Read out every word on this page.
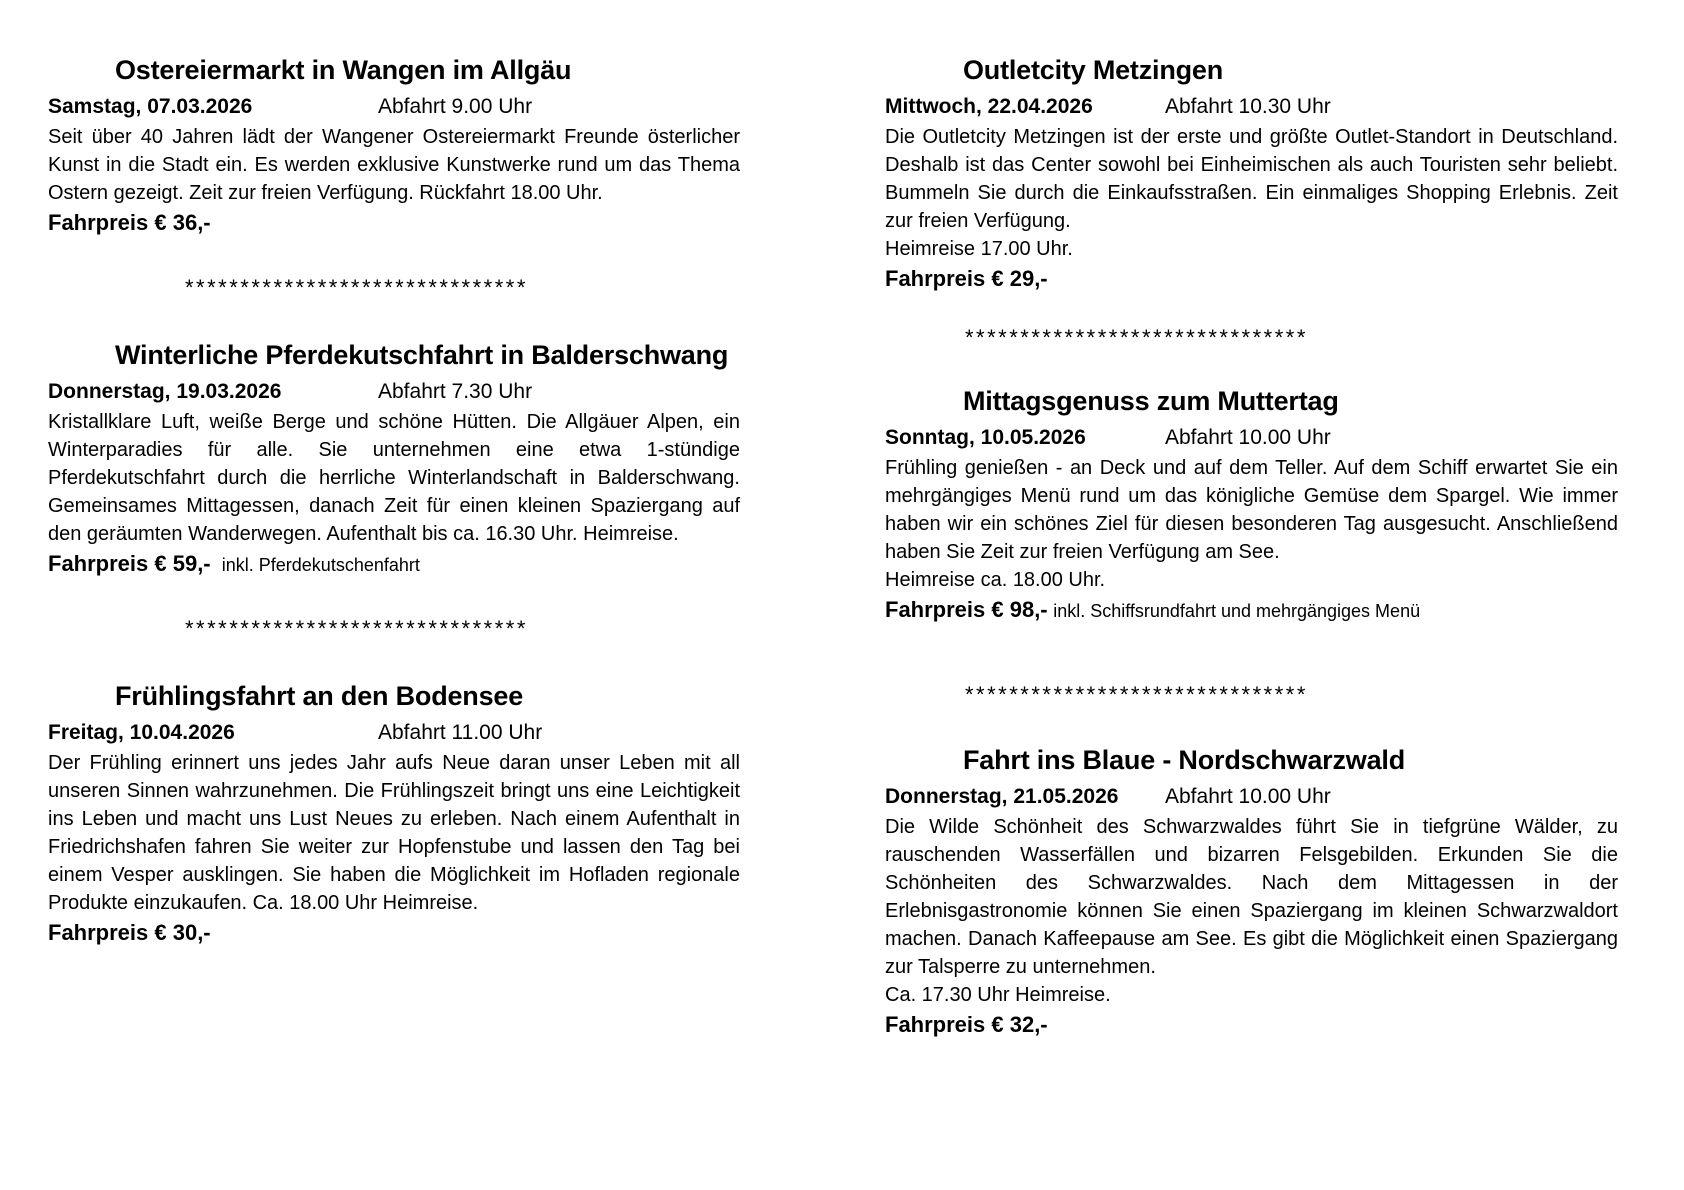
Ostereiermarkt in Wangen im Allgäu
Samstag, 07.03.2026	Abfahrt 9.00 Uhr

Seit über 40 Jahren lädt der Wangener Ostereiermarkt Freunde österlicher Kunst in die Stadt ein. Es werden exklusive Kunstwerke rund um das Thema Ostern gezeigt. Zeit zur freien Verfügung. Rückfahrt 18.00 Uhr.

Fahrpreis € 36,-

*******************************
Winterliche Pferdekutschfahrt in Balderschwang
Donnerstag, 19.03.2026	Abfahrt 7.30 Uhr

Kristallklare Luft, weiße Berge und schöne Hütten. Die Allgäuer Alpen, ein Winterparadies für alle. Sie unternehmen eine etwa 1-stündige Pferdekutschfahrt durch die herrliche Winterlandschaft in Balderschwang. Gemeinsames Mittagessen, danach Zeit für einen kleinen Spaziergang auf den geräumten Wanderwegen. Aufenthalt bis ca. 16.30 Uhr. Heimreise.

Fahrpreis € 59,- inkl. Pferdekutschenfahrt

*******************************
Frühlingsfahrt an den Bodensee
Freitag, 10.04.2026	Abfahrt 11.00 Uhr

Der Frühling erinnert uns jedes Jahr aufs Neue daran unser Leben mit all unseren Sinnen wahrzunehmen. Die Frühlingszeit bringt uns eine Leichtigkeit ins Leben und macht uns Lust Neues zu erleben. Nach einem Aufenthalt in Friedrichshafen fahren Sie weiter zur Hopfenstube und lassen den Tag bei einem Vesper ausklingen. Sie haben die Möglichkeit im Hofladen regionale Produkte einzukaufen. Ca. 18.00 Uhr Heimreise.

Fahrpreis € 30,-

Outletcity Metzingen
Mittwoch, 22.04.2026	Abfahrt 10.30 Uhr

Die Outletcity Metzingen ist der erste und größte Outlet-Standort in Deutschland. Deshalb ist das Center sowohl bei Einheimischen als auch Touristen sehr beliebt. Bummeln Sie durch die Einkaufsstraßen. Ein einmaliges Shopping Erlebnis. Zeit zur freien Verfügung.

Heimreise 17.00 Uhr.

Fahrpreis € 29,-

*******************************
Mittagsgenuss zum Muttertag
Sonntag, 10.05.2026	Abfahrt 10.00 Uhr

Frühling genießen - an Deck und auf dem Teller. Auf dem Schiff erwartet Sie ein mehrgängiges Menü rund um das königliche Gemüse dem Spargel. Wie immer haben wir ein schönes Ziel für diesen besonderen Tag ausgesucht. Anschließend haben Sie Zeit zur freien Verfügung am See.

Heimreise ca. 18.00 Uhr.

Fahrpreis € 98,- inkl. Schiffsrundfahrt und mehrgängiges Menü

*******************************
Fahrt ins Blaue - Nordschwarzwald
Donnerstag, 21.05.2026 Abfahrt 10.00 Uhr

Die Wilde Schönheit des Schwarzwaldes führt Sie in tiefgrüne Wälder, zu rauschenden Wasserfällen und bizarren Felsgebilden. Erkunden Sie die Schönheiten des Schwarzwaldes. Nach dem Mittagessen in der Erlebnisgastronomie können Sie einen Spaziergang im kleinen Schwarzwaldort machen. Danach Kaffeepause am See. Es gibt die Möglichkeit einen Spaziergang zur Talsperre zu unternehmen.

Ca. 17.30 Uhr Heimreise.

Fahrpreis € 32,-
